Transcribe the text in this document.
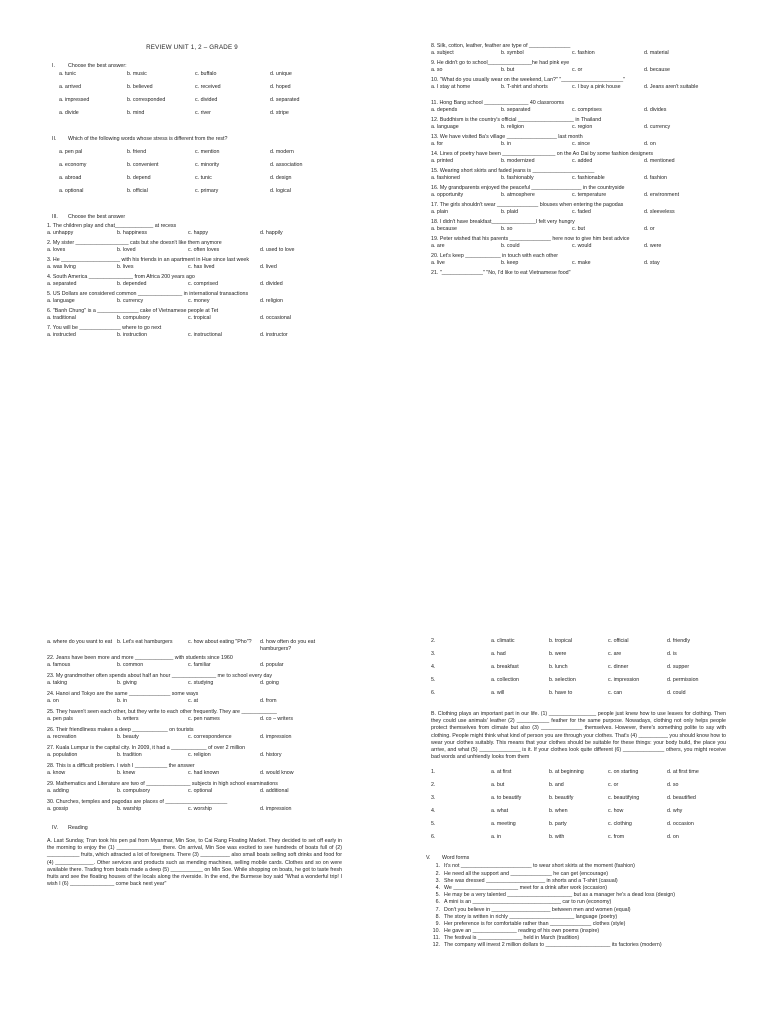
REVIEW UNIT 1, 2 – GRADE 9
I. Choose the best answer:
a. tunic	b. music	c. buffalo	d. unique
a. arrived	b. believed	c. received	d. hoped
a. impressed	b. corresponded	c. divided	d. separated
a. divide	b. mind	c. river	d. stripe
II. Which of the following words whose stress is different from the rest?
a. pen pal	b. friend	c. mention	d. modern
a. economy	b. convenient	c. minority	d. association
a. abroad	b. depend	c. tunic	d. design
a. optional	b. official	c. primary	d. logical
III. Choose the best answer
1. The children play and chat_____________ at recess
a. unhappy	b. happiness	c. happy	d. happily
2. My sister __________________ cats but she doesn't like them anymore
a. loves	b. loved	c. often loves	d. used to love
3. He ____________________ with his friends in an apartment in Hue since last week
a. was living	b. lives	c. has lived	d. lived
4. South America _______________ from Africa 200 years ago
a. separated	b. depended	c. comprised	d. divided
5. US Dollars are considered common _______________ in international transactions
a. language	b. currency	c. money	d. religion
6. "Banh Chung" is a ______________ cake of Vietnamese people at Tet
a. traditional	b. compulsory	c. tropical	d. occasional
7. You will be ______________ where to go next
a. instructed	b. instruction	c. instructional	d. instructor
8. Silk, cotton, leather, feather are type of ______________
a. subject	b. symbol	c. fashion	d. material
9. He didn't go to school_______________he had pink eye
a. so	b. but	c. or	d. because
10. "What do you usually wear on the weekend, Lan?" "_____________________"
a. I stay at home	b. T-shirt and shorts	c. I buy a pink house	d. Jeans aren't suitable
11. Hong Bang school _______________ 40 classrooms
a. depends	b. separated	c. comprises	d. divides
12. Buddhism is the country's official ___________________ in Thailand
a. language	b. religion	c. region	d. currency
13. We have visited Ba's village _________________ last month
a. for	b. in	c. since	d. on
14. Lines of poetry have been __________________ on the Ao Dai by some fashion designers
a. printed	b. modernized	c. added	d. mentioned
15. Wearing short skirts and faded jeans is _____________________
a. fashioned	b. fashionably	c. fashionable	d. fashion
16. My grandparents enjoyed the peaceful _________________ in the countryside
a. opportunity	b. atmosphere	c. temperature	d. environment
17. The girls shouldn't wear ______________ blouses when entering the pagodas
a. plain	b. plaid	c. faded	d. sleeveless
18. I didn't have breakfast_______________I felt very hungry
a. because	b. so	c. but	d. or
19. Peter wished that his parents ______________ here now to give him best advice
a. are	b. could	c. would	d. were
20. Let's keep ____________ in touch with each other
a. live	b. keep	c. make	d. stay
21. "______________" "No, I'd like to eat Vietnamese food"
a. where do you want to eat b. Let's eat hamburgers	c. how about eating "Pho"?	d. how often do you eat hamburgers?
22. Jeans have been more and more _____________ with students since 1960
a. famous	b. common	c. familiar	d. popular
23. My grandmother often spends about half an hour _______________ me to school every day
a. taking	b. giving	c. studying	d. going
24. Hanoi and Tokyo are the same ______________ some ways
a. on	b. in	c. at	d. from
25. They haven't seen each other, but they write to each other frequently. They are ____________
a. pen pals	b. writers	c. pen names	d. co – writers
26. Their friendliness makes a deep ____________ on tourists
a. recreation	b. beauty	c. correspondence	d. impression
27. Kuala Lumpur is the capital city. In 2009, it had a ____________ of over 2 million
a. population	b. tradition	c. religion	d. history
28. This is a difficult problem. I wish I ___________ the answer
a. know	b. knew	c. had known	d. would know
29. Mathematics and Literature are two of _______________ subjects in high school examinations
a. adding	b. compulsory	c. optional	d. additional
30. Churches, temples and pagodas are places of _____________________
a. gossip	b. warship	c. worship	d. impression
IV. Reading
A. Last Sunday, Tran took his pen pal from Myanmar, Min Soe, to Cai Rang Floating Market. They decided to set off early in the morning to enjoy the (1) _______________ there. On arrival, Min Soe was excited to see hundreds of boats full of (2) ___________ fruits, which attracted a lot of foreigners. There (3) __________ also small boats selling soft drinks and food for (4) _____________. Other services and products such as mending machines, selling mobile cards. Clothes and so on were available there. Trading from boats made a deep (5) ___________ on Min Soe. While shopping on boats, he got to taste fresh fruits and see the floating houses of the locals along the riverside. In the end, the Burmese boy said "What a wonderful trip! I wish I (6) _______________ come back next year"
2.	a. climatic	b. tropical	c. official	d. friendly
3.	a. had	b. were	c. are	d. is
4.	a. breakfast	b. lunch	c. dinner	d. supper
5.	a. collection	b. selection	c. impression	d. permission
6.	a. will	b. have to	c. can	d. could
B. Clothing plays an important part in our life. (1) ________________ people just knew how to use leaves for clothing. Then they could use animals' leather (2) ___________ feather for the same purpose. Nowadays, clothing not only helps people protect themselves from climate but also (3) ______________ themselves. However, there's something polite to say with clothing. People might think what kind of person you are through your clothes. That's (4) __________ you should know how to wear your clothes suitably. This means that your clothes should be suitable for these things: your body build, the place you arrive, and what (5) ______________ is it. If your clothes look quite different (6) ______________ others, you might receive bad words and unfriendly looks from them
1.	a. at first	b. at beginning	c. on starting	d. at first time
2.	a. but	b. and	c. or	d. so
3.	a. to beautify	b. beautify	c. beautifying	d. beautified
4.	a. what	b. when	c. how	d. why
5.	a. meeting	b. party	c. clothing	d. occasion
6.	a. in	b. with	c. from	d. on
V. Word forms
1. It's not ________________________ to wear short skirts at the moment (fashion)
2. He need all the support and ______________ he can get (encourage)
3. She was dressed ____________________ in shorts and a T-shirt (casual)
4. We ______________________ meet for a drink after work (occasion)
5. He may be a very talented ______________________ but as a manager he's a dead loss (design)
6. A mini is an ______________________________ car to run (economy)
7. Don't you believe in ____________________ between men and women (equal)
8. The story is written in richly ______________________ language (poetry)
9. Her preference is for comfortable rather than ______________ clothes (style)
10. He gave an _______________ reading of his own poems (inspire)
11. The festival is _______________ held in March (tradition)
12. The company will invest 2 million dollars to ______________________ its factories (modern)
